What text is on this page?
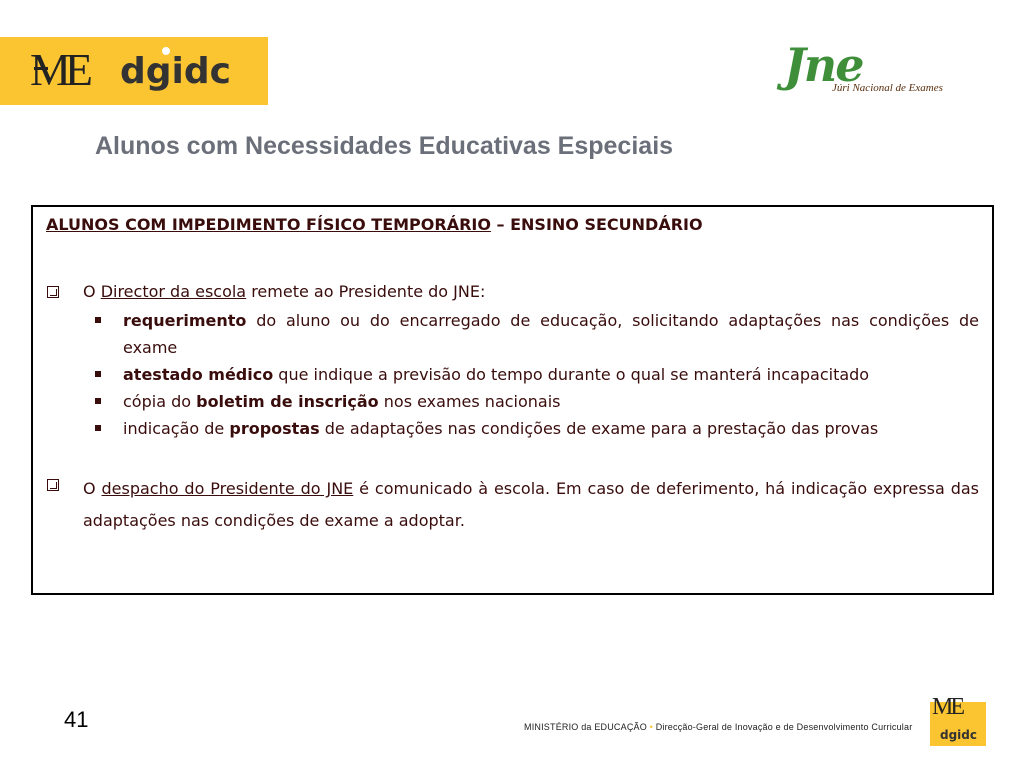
ME dgidc	Jne
Júri Nacional de Exames
Alunos com Necessidades Educativas Especiais

ALUNOS COM IMPEDIMENTO FÍSICO TEMPORÁRIO – ENSINO SECUNDÁRIO

O Director da escola remete ao Presidente do JNE:

requerimento do aluno ou do encarregado de educação, solicitando adaptações nas condições de exame
atestado médico que indique a previsão do tempo durante o qual se manterá incapacitado
cópia do boletim de inscrição nos exames nacionais
indicação de propostas de adaptações nas condições de exame para a prestação das provas

O despacho do Presidente do JNE é comunicado à escola. Em caso de deferimento, há indicação expressa das adaptações nas condições de exame a adoptar.

41	MINISTÉRIO da EDUCAÇÃO • Direcção-Geral de Inovação e de Desenvolvimento Curricular
ME
dgidc
